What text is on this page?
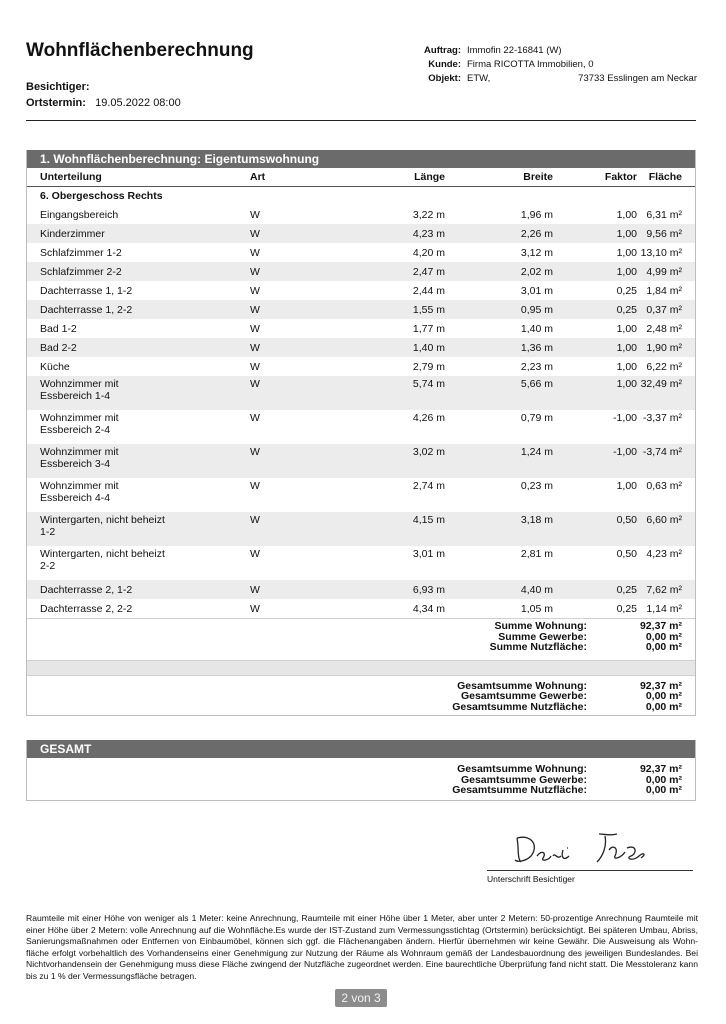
Wohnflächenberechnung
Besichtiger:
Ortstermin: 19.05.2022 08:00
Auftrag: Immofin 22-16841 (W)
Kunde: Firma RICOTTA Immobilien, 0
Objekt: ETW,	73733 Esslingen am Neckar
1. Wohnflächenberechnung: Eigentumswohnung
Unterteilung	Art	Länge	Breite	Faktor	Fläche
6. Obergeschoss Rechts					
Eingangsbereich	W	3,22 m	1,96 m	1,00	6,31 m²
Kinderzimmer	W	4,23 m	2,26 m	1,00	9,56 m²
Schlafzimmer 1-2	W	4,20 m	3,12 m	1,00	13,10 m²
Schlafzimmer 2-2	W	2,47 m	2,02 m	1,00	4,99 m²
Dachterrasse 1, 1-2	W	2,44 m	3,01 m	0,25	1,84 m²
Dachterrasse 1, 2-2	W	1,55 m	0,95 m	0,25	0,37 m²
Bad 1-2	W	1,77 m	1,40 m	1,00	2,48 m²
Bad 2-2	W	1,40 m	1,36 m	1,00	1,90 m²
Küche	W	2,79 m	2,23 m	1,00	6,22 m²

Wohnzimmer mit
Essbereich 1-4	W	5,74 m	5,66 m	1,00	32,49 m²

Wohnzimmer mit
Essbereich 2-4	W	4,26 m	0,79 m	-1,00	-3,37 m²

Wohnzimmer mit
Essbereich 3-4	W	3,02 m	1,24 m	-1,00	-3,74 m²

Wohnzimmer mit
Essbereich 4-4	W	2,74 m	0,23 m	1,00	0,63 m²

Wintergarten, nicht beheizt
1-2	W	4,15 m	3,18 m	0,50	6,60 m²

Wintergarten, nicht beheizt
2-2	W	3,01 m	2,81 m	0,50	4,23 m²
Dachterrasse 2, 1-2	W	6,93 m	4,40 m	0,25	7,62 m²
Dachterrasse 2, 2-2	W	4,34 m	1,05 m	0,25	1,14 m²
Summe Wohnung:	92,37 m²
Summe Gewerbe:	0,00 m²
Summe Nutzfläche:	0,00 m²
Gesamtsumme Wohnung:	92,37 m²
Gesamtsumme Gewerbe:	0,00 m²
Gesamtsumme Nutzfläche:	0,00 m²
GESAMT
Gesamtsumme Wohnung:	92,37 m²
Gesamtsumme Gewerbe:	0,00 m²
Gesamtsumme Nutzfläche:	0,00 m²
Unterschrift Besichtiger
Raumteile mit einer Höhe von weniger als 1 Meter: keine Anrechnung, Raumteile mit einer Höhe über 1 Meter, aber unter 2 Metern: 50-prozentige Anrechnung Raumteile mit einer Höhe über 2 Metern: volle Anrechnung auf die Wohnfläche.Es wurde der IST-Zustand zum Vermessungsstichtag (Ortstermin) berücksichtigt. Bei späteren Umbau, Abriss, Sanierungsmaßnahmen oder Entfernen von Einbaumöbel, können sich ggf. die Flächenangaben ändern. Hierfür übernehmen wir keine Gewähr. Die Ausweisung als Wohn-fläche erfolgt vorbehaltlich des Vorhandenseins einer Genehmigung zur Nutzung der Räume als Wohnraum gemäß der Landesbauordnung des jeweiligen Bundeslandes. Bei Nichtvorhandensein der Genehmigung muss diese Fläche zwingend der Nutzfläche zugeordnet werden. Eine baurechtliche Überprüfung fand nicht statt. Die Messtoleranz kann bis zu 1 % der Vermessungsfläche betragen.
2 von 3
